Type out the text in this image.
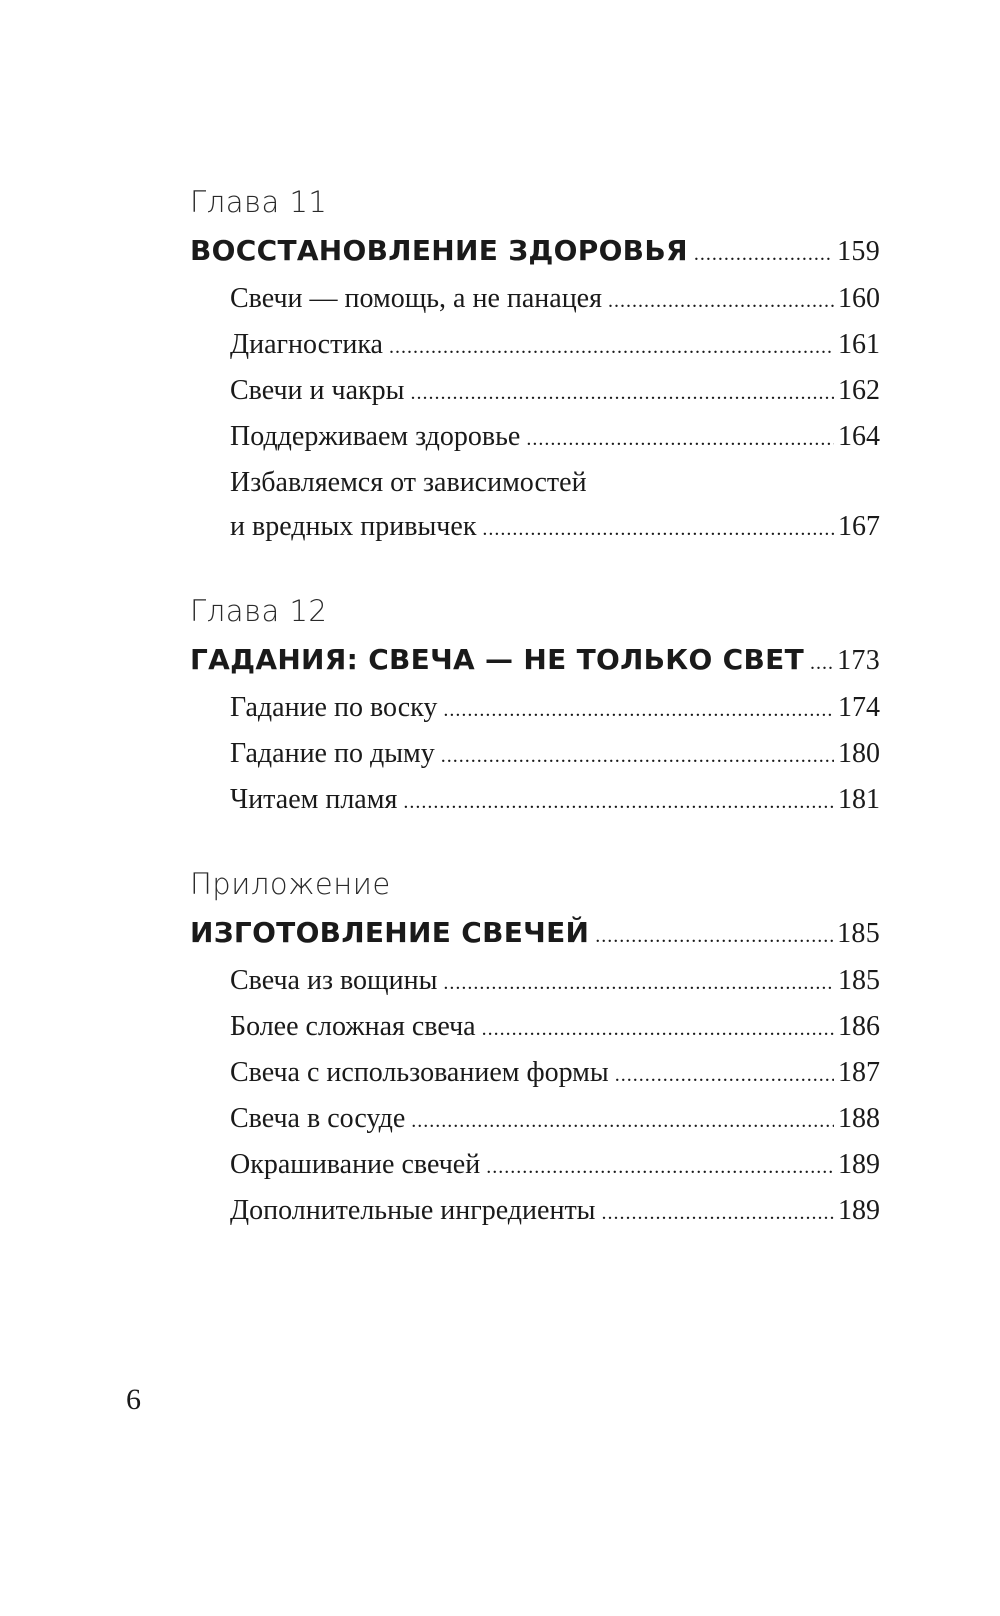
Глава 11
ВОССТАНОВЛЕНИЕ ЗДОРОВЬЯ .....	159
Свечи — помощь, а не панацея .....	160
Диагностика .....	161
Свечи и чакры .....	162
Поддерживаем здоровье .....	164
Избавляемся от зависимостей
и вредных привычек .....	167
Глава 12
ГАДАНИЯ: СВЕЧА — НЕ ТОЛЬКО СВЕТ ..... 173
Гадание по воску .....	174
Гадание по дыму .....	180
Читаем пламя .....	181
Приложение
ИЗГОТОВЛЕНИЕ СВЕЧЕЙ .....	185
Свеча из вощины .....	185
Более сложная свеча .....	186
Свеча с использованием формы .....	187
Свеча в сосуде .....	188
Окрашивание свечей .....	189
Дополнительные ингредиенты .....	189
6
